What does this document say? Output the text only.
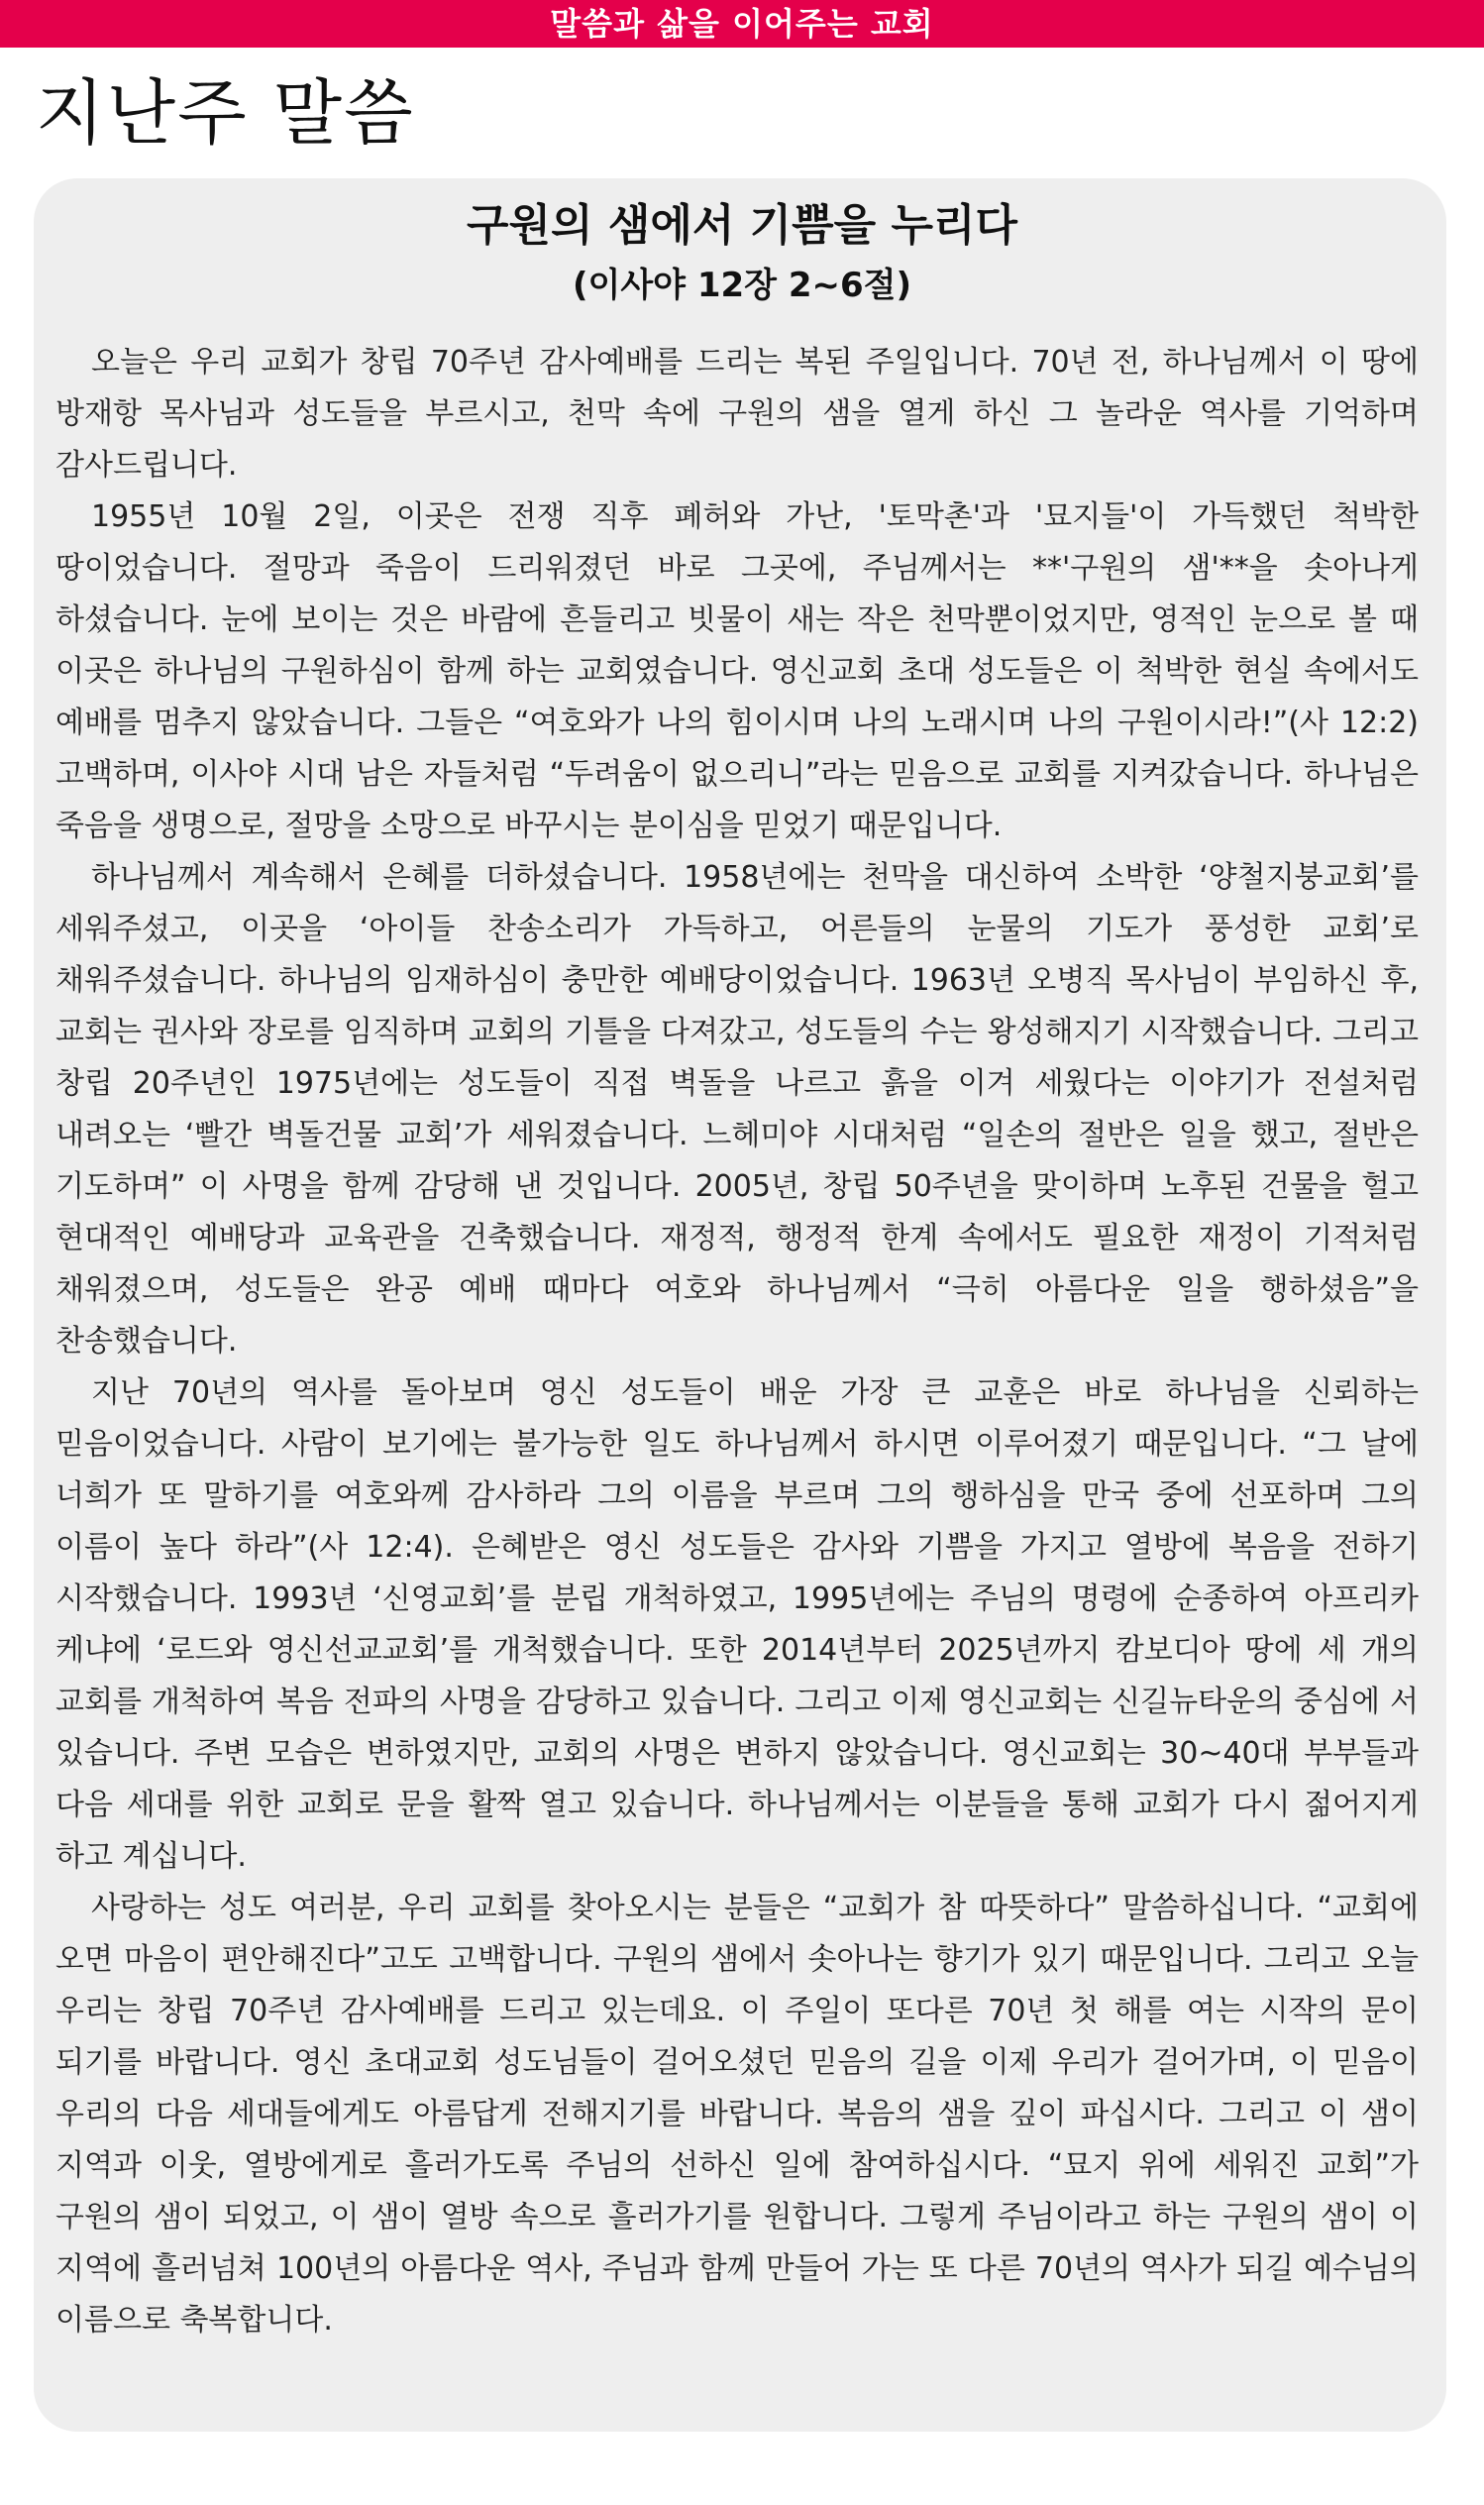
말씀과 삶을 이어주는 교회
지난주 말씀
구원의 샘에서 기쁨을 누리다
(이사야 12장 2~6절)

오늘은 우리 교회가 창립 70주년 감사예배를 드리는 복된 주일입니다. 70년 전, 하나님께서 이 땅에 방재항 목사님과 성도들을 부르시고, 천막 속에 구원의 샘을 열게 하신 그 놀라운 역사를 기억하며 감사드립니다.

1955년 10월 2일, 이곳은 전쟁 직후 폐허와 가난, '토막촌'과 '묘지들'이 가득했던 척박한 땅이었습니다. 절망과 죽음이 드리워졌던 바로 그곳에, 주님께서는 **'구원의 샘'**을 솟아나게 하셨습니다. 눈에 보이는 것은 바람에 흔들리고 빗물이 새는 작은 천막뿐이었지만, 영적인 눈으로 볼 때 이곳은 하나님의 구원하심이 함께 하는 교회였습니다. 영신교회 초대 성도들은 이 척박한 현실 속에서도 예배를 멈추지 않았습니다. 그들은 “여호와가 나의 힘이시며 나의 노래시며 나의 구원이시라!”(사 12:2) 고백하며, 이사야 시대 남은 자들처럼 “두려움이 없으리니”라는 믿음으로 교회를 지켜갔습니다. 하나님은 죽음을 생명으로, 절망을 소망으로 바꾸시는 분이심을 믿었기 때문입니다.

하나님께서 계속해서 은혜를 더하셨습니다. 1958년에는 천막을 대신하여 소박한 ‘양철지붕교회’를 세워주셨고, 이곳을 ‘아이들 찬송소리가 가득하고, 어른들의 눈물의 기도가 풍성한 교회’로 채워주셨습니다. 하나님의 임재하심이 충만한 예배당이었습니다. 1963년 오병직 목사님이 부임하신 후, 교회는 권사와 장로를 임직하며 교회의 기틀을 다져갔고, 성도들의 수는 왕성해지기 시작했습니다. 그리고 창립 20주년인 1975년에는 성도들이 직접 벽돌을 나르고 흙을 이겨 세웠다는 이야기가 전설처럼 내려오는 ‘빨간 벽돌건물 교회’가 세워졌습니다. 느헤미야 시대처럼 “일손의 절반은 일을 했고, 절반은 기도하며” 이 사명을 함께 감당해 낸 것입니다. 2005년, 창립 50주년을 맞이하며 노후된 건물을 헐고 현대적인 예배당과 교육관을 건축했습니다. 재정적, 행정적 한계 속에서도 필요한 재정이 기적처럼 채워졌으며, 성도들은 완공 예배 때마다 여호와 하나님께서 “극히 아름다운 일을 행하셨음”을 찬송했습니다.

지난 70년의 역사를 돌아보며 영신 성도들이 배운 가장 큰 교훈은 바로 하나님을 신뢰하는 믿음이었습니다. 사람이 보기에는 불가능한 일도 하나님께서 하시면 이루어졌기 때문입니다. “그 날에 너희가 또 말하기를 여호와께 감사하라 그의 이름을 부르며 그의 행하심을 만국 중에 선포하며 그의 이름이 높다 하라”(사 12:4). 은혜받은 영신 성도들은 감사와 기쁨을 가지고 열방에 복음을 전하기 시작했습니다. 1993년 ‘신영교회’를 분립 개척하였고, 1995년에는 주님의 명령에 순종하여 아프리카 케냐에 ‘로드와 영신선교교회’를 개척했습니다. 또한 2014년부터 2025년까지 캄보디아 땅에 세 개의 교회를 개척하여 복음 전파의 사명을 감당하고 있습니다. 그리고 이제 영신교회는 신길뉴타운의 중심에 서 있습니다. 주변 모습은 변하였지만, 교회의 사명은 변하지 않았습니다. 영신교회는 30~40대 부부들과 다음 세대를 위한 교회로 문을 활짝 열고 있습니다. 하나님께서는 이분들을 통해 교회가 다시 젊어지게 하고 계십니다.

사랑하는 성도 여러분, 우리 교회를 찾아오시는 분들은 “교회가 참 따뜻하다” 말씀하십니다. “교회에 오면 마음이 편안해진다”고도 고백합니다. 구원의 샘에서 솟아나는 향기가 있기 때문입니다. 그리고 오늘 우리는 창립 70주년 감사예배를 드리고 있는데요. 이 주일이 또다른 70년 첫 해를 여는 시작의 문이 되기를 바랍니다. 영신 초대교회 성도님들이 걸어오셨던 믿음의 길을 이제 우리가 걸어가며, 이 믿음이 우리의 다음 세대들에게도 아름답게 전해지기를 바랍니다. 복음의 샘을 깊이 파십시다. 그리고 이 샘이 지역과 이웃, 열방에게로 흘러가도록 주님의 선하신 일에 참여하십시다. “묘지 위에 세워진 교회”가 구원의 샘이 되었고, 이 샘이 열방 속으로 흘러가기를 원합니다. 그렇게 주님이라고 하는 구원의 샘이 이 지역에 흘러넘쳐 100년의 아름다운 역사, 주님과 함께 만들어 가는 또 다른 70년의 역사가 되길 예수님의 이름으로 축복합니다.
